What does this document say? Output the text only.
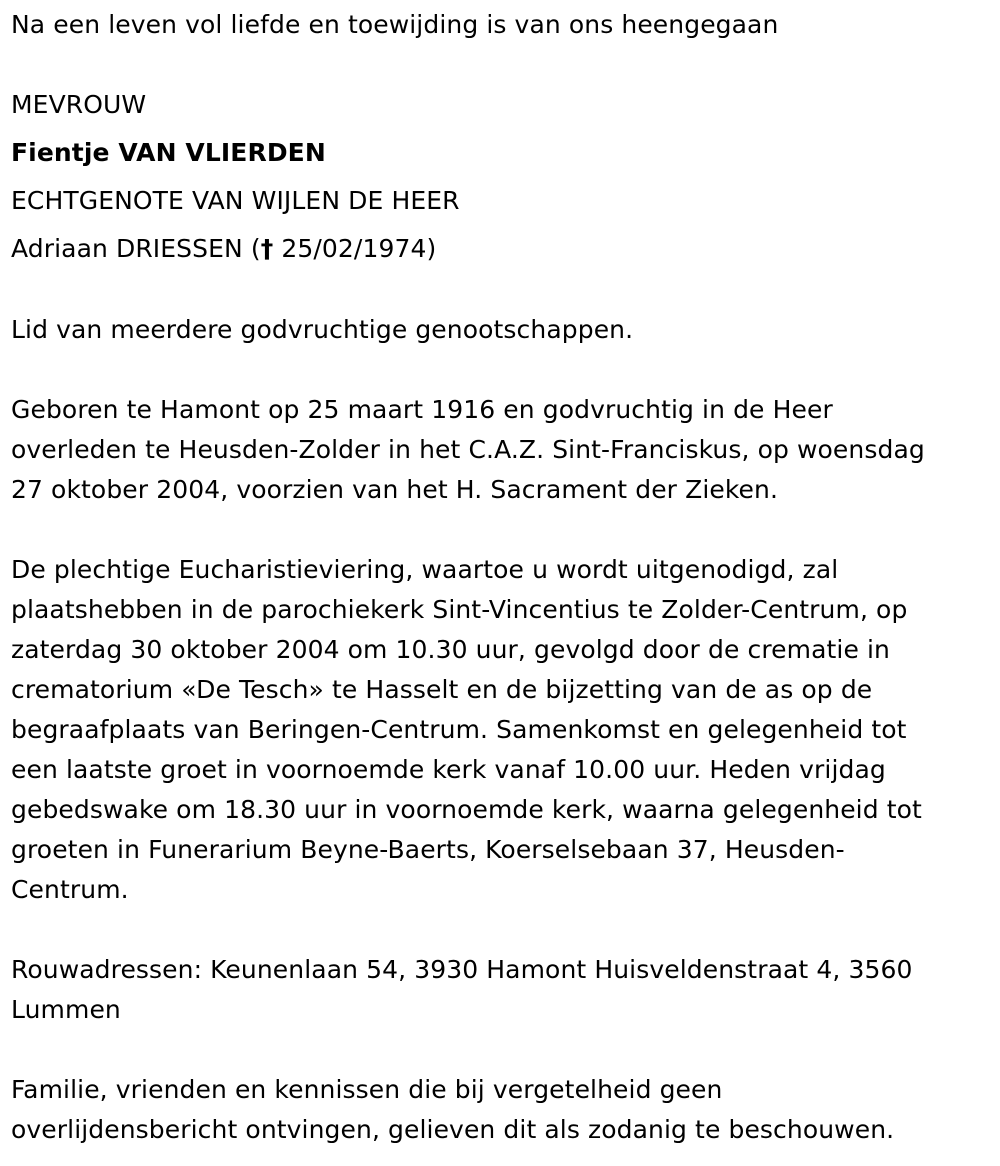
Na een leven vol liefde en toewijding is van ons heengegaan

MEVROUW

Fientje VAN VLIERDEN

ECHTGENOTE VAN WIJLEN DE HEER

Adriaan DRIESSEN († 25/02/1974)

Lid van meerdere godvruchtige genootschappen.

Geboren te Hamont op 25 maart 1916 en godvruchtig in de Heer

overleden te Heusden-Zolder in het C.A.Z. Sint-Franciskus, op woensdag

27 oktober 2004, voorzien van het H. Sacrament der Zieken.

De plechtige Eucharistieviering, waartoe u wordt uitgenodigd, zal

plaatshebben in de parochiekerk Sint-Vincentius te Zolder-Centrum, op

zaterdag 30 oktober 2004 om 10.30 uur, gevolgd door de crematie in

crematorium «De Tesch» te Hasselt en de bijzetting van de as op de

begraafplaats van Beringen-Centrum. Samenkomst en gelegenheid tot

een laatste groet in voornoemde kerk vanaf 10.00 uur. Heden vrijdag

gebedswake om 18.30 uur in voornoemde kerk, waarna gelegenheid tot

groeten in Funerarium Beyne-Baerts, Koerselsebaan 37, Heusden-

Centrum.

Rouwadressen: Keunenlaan 54, 3930 Hamont Huisveldenstraat 4, 3560

Lummen

Familie, vrienden en kennissen die bij vergetelheid geen

overlijdensbericht ontvingen, gelieven dit als zodanig te beschouwen.
